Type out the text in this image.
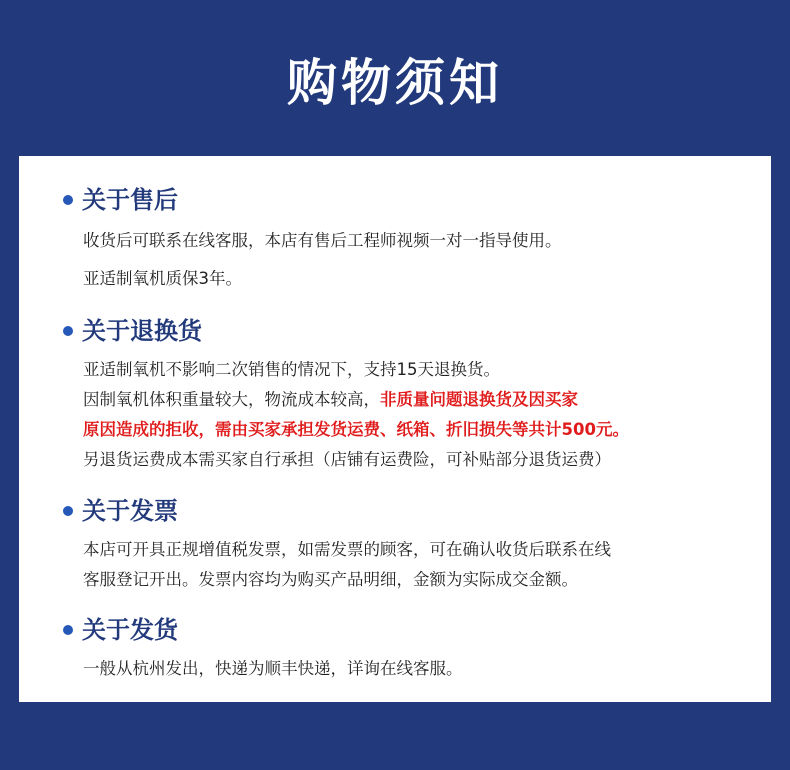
购物须知
关于售后
收货后可联系在线客服，本店有售后工程师视频一对一指导使用。
亚适制氧机质保3年。
关于退换货
亚适制氧机不影响二次销售的情况下，支持15天退换货。
因制氧机体积重量较大，物流成本较高，非质量问题退换货及因买家
原因造成的拒收，需由买家承担发货运费、纸箱、折旧损失等共计500元。
另退货运费成本需买家自行承担（店铺有运费险，可补贴部分退货运费）
关于发票
本店可开具正规增值税发票，如需发票的顾客，可在确认收货后联系在线
客服登记开出。发票内容均为购买产品明细，金额为实际成交金额。
关于发货
一般从杭州发出，快递为顺丰快递，详询在线客服。
